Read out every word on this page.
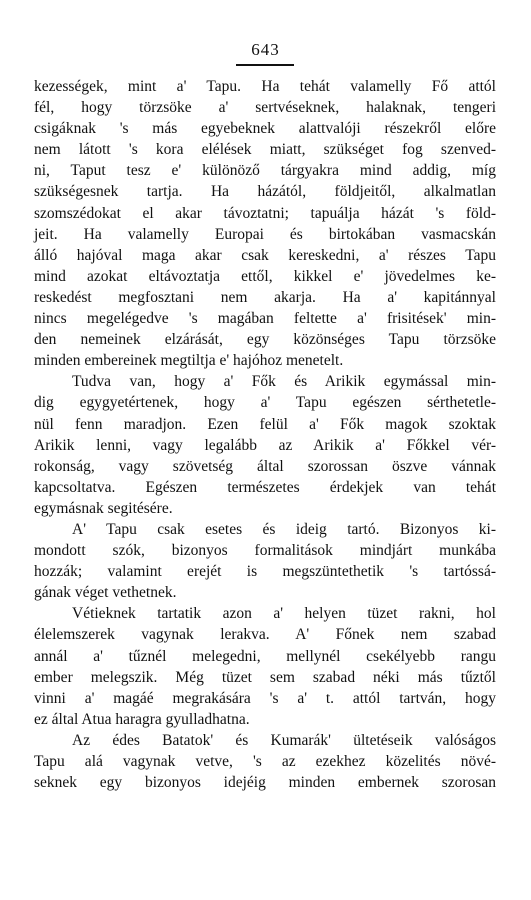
643
kezességek, mint a' Tapu. Ha tehát valamelly Fő attól
fél, hogy törzsöke a' sertvéseknek, halaknak, tengeri
csigáknak 's más egyebeknek alattvalóji részekről előre
nem látott 's kora elélések miatt, szükséget fog szenved-
ni, Taput tesz e' különöző tárgyakra mind addig, míg
szükségesnek tartja. Ha házától, földjeitől, alkalmatlan
szomszédokat el akar távoztatni; tapuálja házát 's föld-
jeit. Ha valamelly Europai és birtokában vasmacskán
álló hajóval maga akar csak kereskedni, a' részes Tapu
mind azokat eltávoztatja ettől, kikkel e' jövedelmes ke-
reskedést megfosztani nem akarja. Ha a' kapitánnyal
nincs megelégedve 's magában feltette a' frisitések' min-
den nemeinek elzárását, egy közönséges Tapu törzsöke
minden embereinek megtiltja e' hajóhoz menetelt.
Tudva van, hogy a' Fők és Arikik egymással min-
dig egygyetértenek, hogy a' Tapu egészen sérthetetle-
nül fenn maradjon. Ezen felül a' Fők magok szoktak
Arikik lenni, vagy legalább az Arikik a' Főkkel vér-
rokonság, vagy szövetség által szorossan öszve vánnak
kapcsoltatva. Egészen természetes érdekjek van tehát
egymásnak segitésére.
A' Tapu csak esetes és ideig tartó. Bizonyos ki-
mondott szók, bizonyos formalitások mindjárt munkába
hozzák; valamint erejét is megszüntethetik 's tartóssá-
gának véget vethetnek.
Vétieknek tartatik azon a' helyen tüzet rakni, hol
élelemszerek vagynak lerakva. A' Főnek nem szabad
annál a' tűznél melegedni, mellynél csekélyebb rangu
ember melegszik. Még tüzet sem szabad néki más tűztől
vinni a' magáé megrakására 's a' t. attól tartván, hogy
ez által Atua haragra gyulladhatna.
Az édes Batatok' és Kumarák' ültetéseik valóságos
Tapu alá vagynak vetve, 's az ezekhez közelités növé-
seknek egy bizonyos idejéig minden embernek szorosan
